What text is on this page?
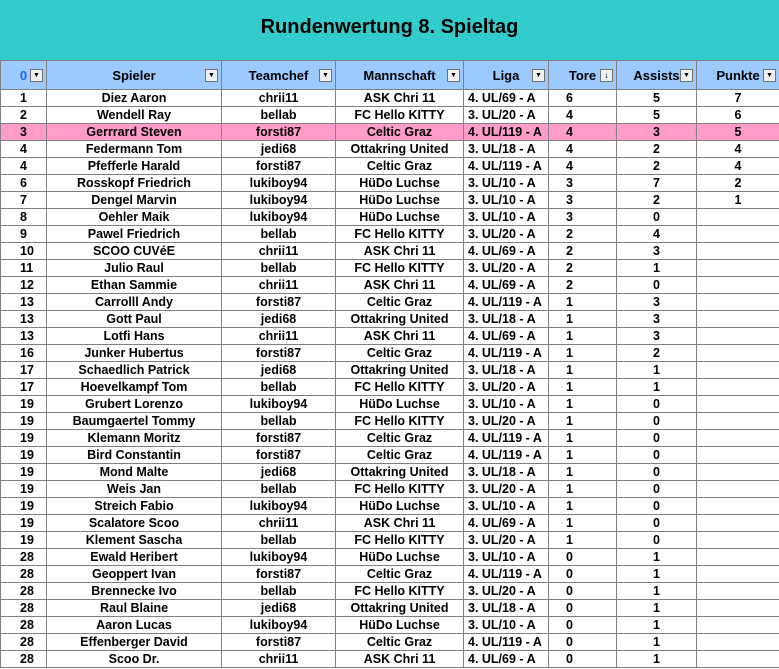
Rundenwertung 8. Spieltag
0 ▼	Spieler ▼	Teamchef ▼	Mannschaft ▼	Liga ▼	Tore ↓	Assists ▼	Punkte ▼

1	Diez Aaron	chrii11	ASK Chri 11	4. UL/69 - A	6	5	7
2	Wendell Ray	bellab	FC Hello KITTY	3. UL/20 - A	4	5	6
3	Gerrrard Steven	forsti87	Celtic Graz	4. UL/119 - A	4	3	5
4	Federmann Tom	jedi68	Ottakring United	3. UL/18 - A	4	2	4
4	Pfefferle Harald	forsti87	Celtic Graz	4. UL/119 - A	4	2	4
6	Rosskopf Friedrich	lukiboy94	HüDo Luchse	3. UL/10 - A	3	7	2
7	Dengel Marvin	lukiboy94	HüDo Luchse	3. UL/10 - A	3	2	1
8	Oehler Maik	lukiboy94	HüDo Luchse	3. UL/10 - A	3	0	
9	Pawel Friedrich	bellab	FC Hello KITTY	3. UL/20 - A	2	4	
10	SCOO CUVéE	chrii11	ASK Chri 11	4. UL/69 - A	2	3	
11	Julio Raul	bellab	FC Hello KITTY	3. UL/20 - A	2	1	
12	Ethan Sammie	chrii11	ASK Chri 11	4. UL/69 - A	2	0	
13	Carrolll Andy	forsti87	Celtic Graz	4. UL/119 - A	1	3	
13	Gott Paul	jedi68	Ottakring United	3. UL/18 - A	1	3	
13	Lotfi Hans	chrii11	ASK Chri 11	4. UL/69 - A	1	3	
16	Junker Hubertus	forsti87	Celtic Graz	4. UL/119 - A	1	2	
17	Schaedlich Patrick	jedi68	Ottakring United	3. UL/18 - A	1	1	
17	Hoevelkampf Tom	bellab	FC Hello KITTY	3. UL/20 - A	1	1	
19	Grubert Lorenzo	lukiboy94	HüDo Luchse	3. UL/10 - A	1	0	
19	Baumgaertel Tommy	bellab	FC Hello KITTY	3. UL/20 - A	1	0	
19	Klemann Moritz	forsti87	Celtic Graz	4. UL/119 - A	1	0	
19	Bird Constantin	forsti87	Celtic Graz	4. UL/119 - A	1	0	
19	Mond Malte	jedi68	Ottakring United	3. UL/18 - A	1	0	
19	Weis Jan	bellab	FC Hello KITTY	3. UL/20 - A	1	0	
19	Streich Fabio	lukiboy94	HüDo Luchse	3. UL/10 - A	1	0	
19	Scalatore Scoo	chrii11	ASK Chri 11	4. UL/69 - A	1	0	
19	Klement Sascha	bellab	FC Hello KITTY	3. UL/20 - A	1	0	
28	Ewald Heribert	lukiboy94	HüDo Luchse	3. UL/10 - A	0	1	
28	Geoppert Ivan	forsti87	Celtic Graz	4. UL/119 - A	0	1	
28	Brennecke Ivo	bellab	FC Hello KITTY	3. UL/20 - A	0	1	
28	Raul Blaine	jedi68	Ottakring United	3. UL/18 - A	0	1	
28	Aaron Lucas	lukiboy94	HüDo Luchse	3. UL/10 - A	0	1	
28	Effenberger David	forsti87	Celtic Graz	4. UL/119 - A	0	1	
28	Scoo Dr.	chrii11	ASK Chri 11	4. UL/69 - A	0	1	
